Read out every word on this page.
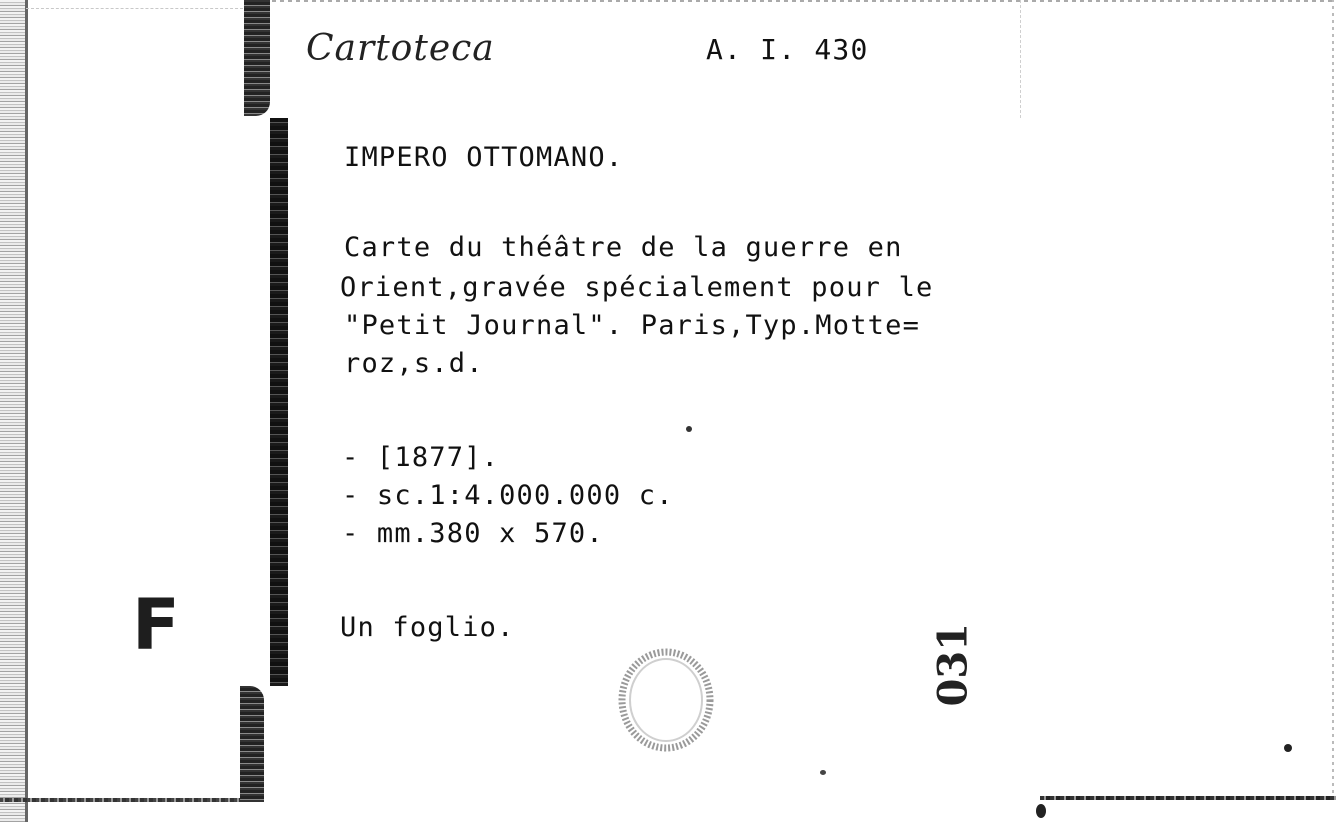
F
Cartoteca	A. I. 430
IMPERO OTTOMANO.
Carte du théâtre de la guerre en
Orient,gravée spécialement pour le
"Petit Journal". Paris,Typ.Motte=
roz,s.d.
- [1877].
- sc.1:4.000.000 c.
- mm.380 x 570.
Un foglio.	031
